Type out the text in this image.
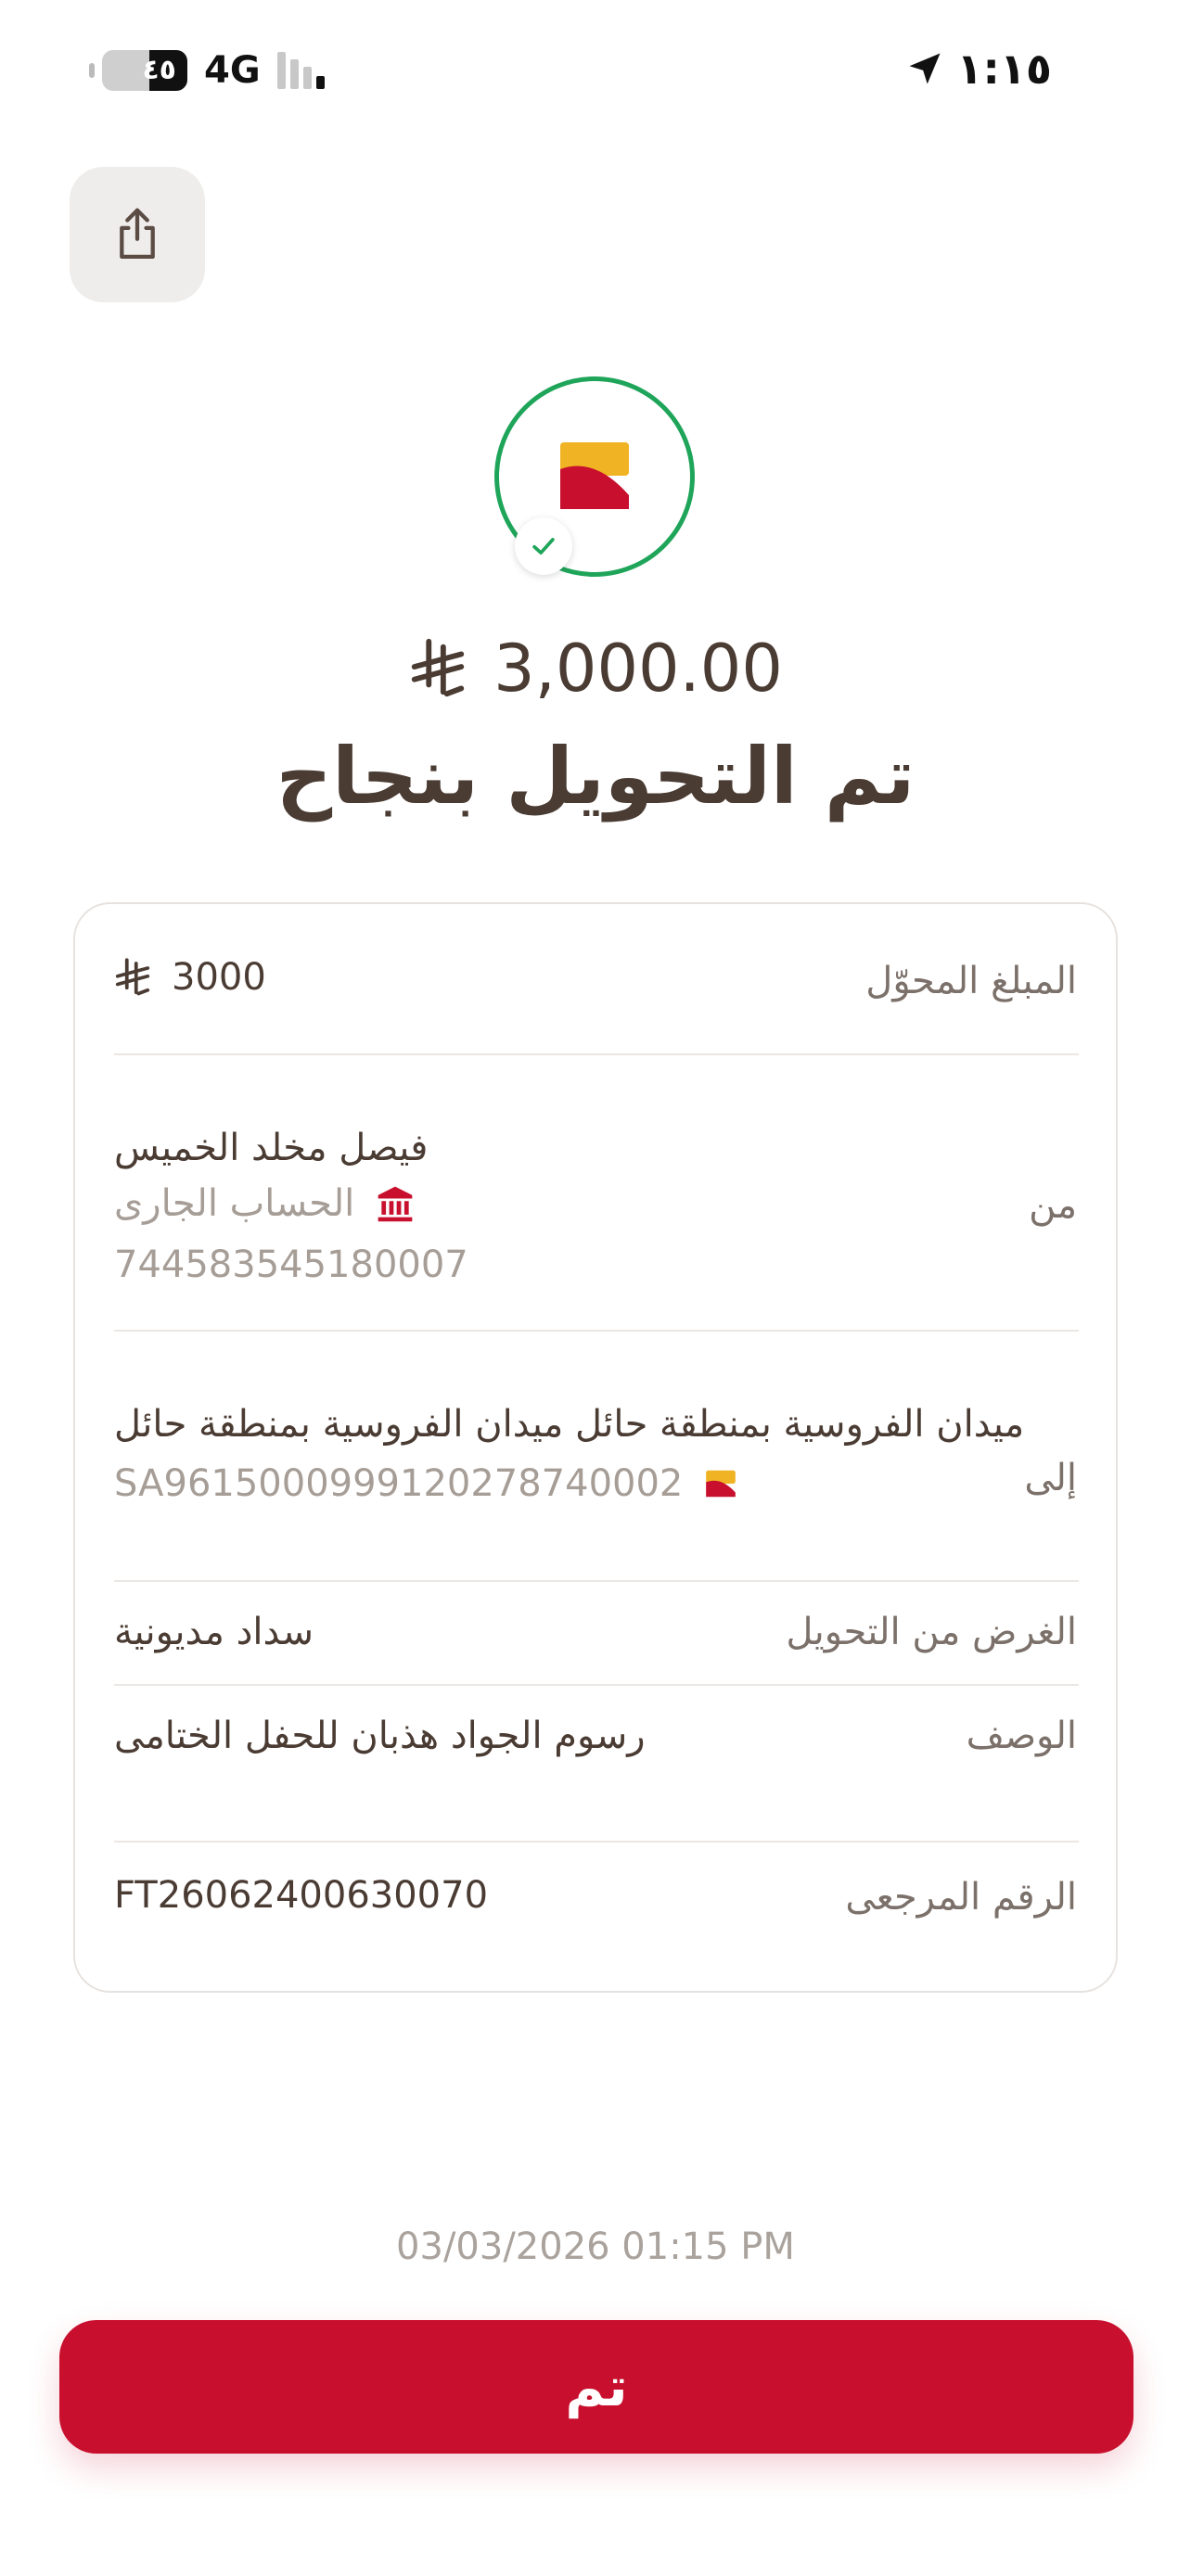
٤٥ 4G	١:١٥
3,000.00
تم التحويل بنجاح
المبلغ المحوّل
3000
من
فيصل مخلد الخميس
الحساب الجارى
744583545180007
إلى
ميدان الفروسية بمنطقة حائل ميدان الفروسية بمنطقة حائل
SA9615000999120278740002
الغرض من التحويل
سداد مديونية
الوصف
رسوم الجواد هذبان للحفل الختامى
الرقم المرجعى
FT26062400630070
03/03/2026 01:15 PM
تم
